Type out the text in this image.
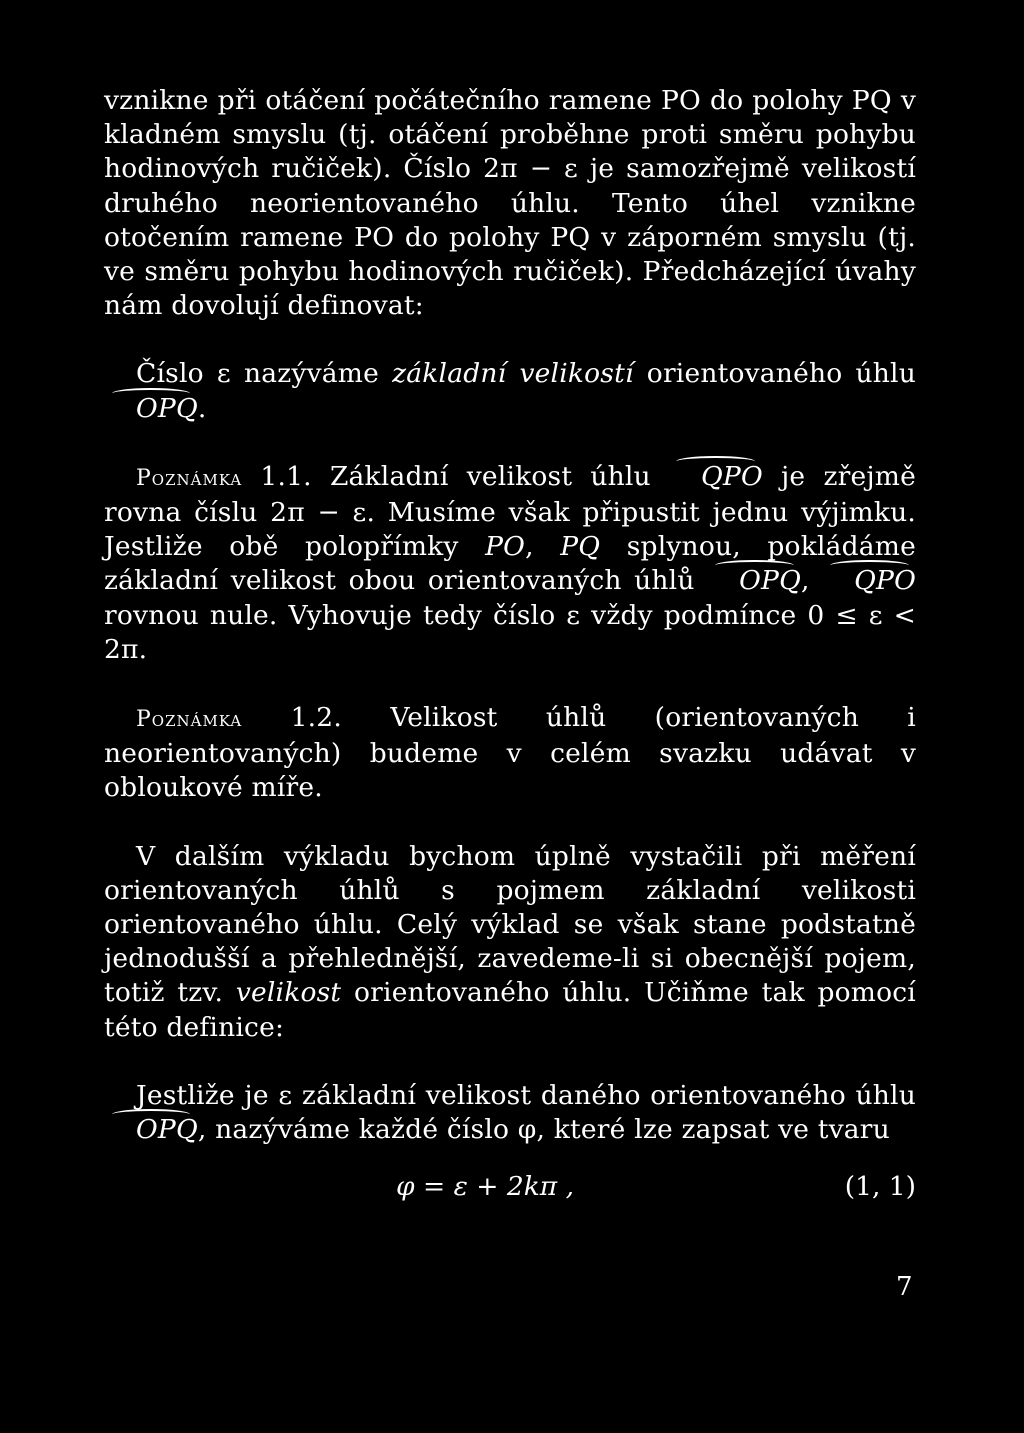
vznikne při otáčení počátečního ramene PO do polohy PQ v kladném smyslu (tj. otáčení proběhne proti směru pohybu hodinových ručiček). Číslo 2π − ε je samozřejmě velikostí druhého neorientovaného úhlu. Tento úhel vznikne otočením ramene PO do polohy PQ v záporném smyslu (tj. ve směru pohybu hodinových ručiček). Předcházející úvahy nám dovolují definovat:

Číslo ε nazýváme základní velikostí orientovaného úhlu OPQ.

Poznámka 1.1. Základní velikost úhlu QPO je zřejmě rovna číslu 2π − ε. Musíme však připustit jednu výjimku. Jestliže obě polopřímky PO, PQ splynou, pokládáme základní velikost obou orientovaných úhlů OPQ, QPO rovnou nule. Vyhovuje tedy číslo ε vždy podmínce 0 ≤ ε < 2π.

Poznámka 1.2. Velikost úhlů (orientovaných i neorientovaných) budeme v celém svazku udávat v obloukové míře.

V dalším výkladu bychom úplně vystačili při měření orientovaných úhlů s pojmem základní velikosti orientovaného úhlu. Celý výklad se však stane podstatně jednodušší a přehlednější, zavedeme-li si obecnější pojem, totiž tzv. velikost orientovaného úhlu. Učiňme tak pomocí této definice:

Jestliže je ε základní velikost daného orientovaného úhlu OPQ, nazýváme každé číslo φ, které lze zapsat ve tvaru

φ = ε + 2kπ ,	(1, 1)
7
